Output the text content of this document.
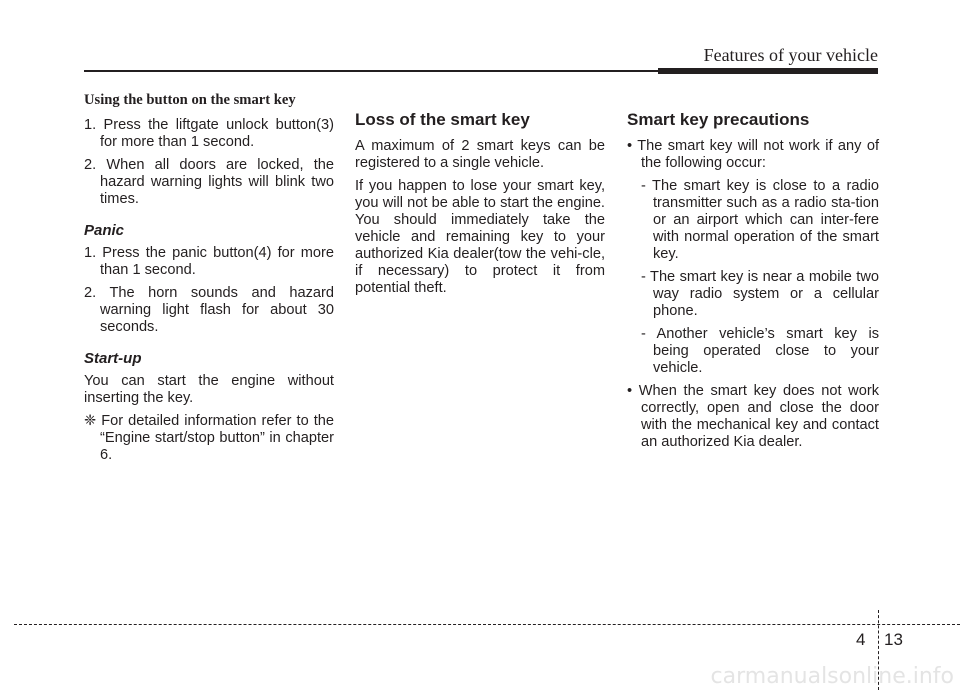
Features of your vehicle
Using the button on the smart key
1. Press the liftgate unlock button(3) for more than 1 second.
2. When all doors are locked, the hazard warning lights will blink two times.
Panic
1. Press the panic button(4) for more than 1 second.
2. The horn sounds and hazard warning light flash for about 30 seconds.
Start-up

You can start the engine without inserting the key.

❈ For detailed information refer to the “Engine start/stop button” in chapter 6.
Loss of the smart key

A maximum of 2 smart keys can be registered to a single vehicle.

If you happen to lose your smart key, you will not be able to start the engine. You should immediately take the vehicle and remaining key to your authorized Kia dealer(tow the vehi-cle, if necessary) to protect it from potential theft.

Smart key precautions
• The smart key will not work if any of the following occur:
- The smart key is close to a radio transmitter such as a radio sta-tion or an airport which can inter-fere with normal operation of the smart key.
- The smart key is near a mobile two way radio system or a cellular phone.
- Another vehicle’s smart key is being operated close to your vehicle.
• When the smart key does not work correctly, open and close the door with the mechanical key and contact an authorized Kia dealer.
4 13
carmanualsonline.info
